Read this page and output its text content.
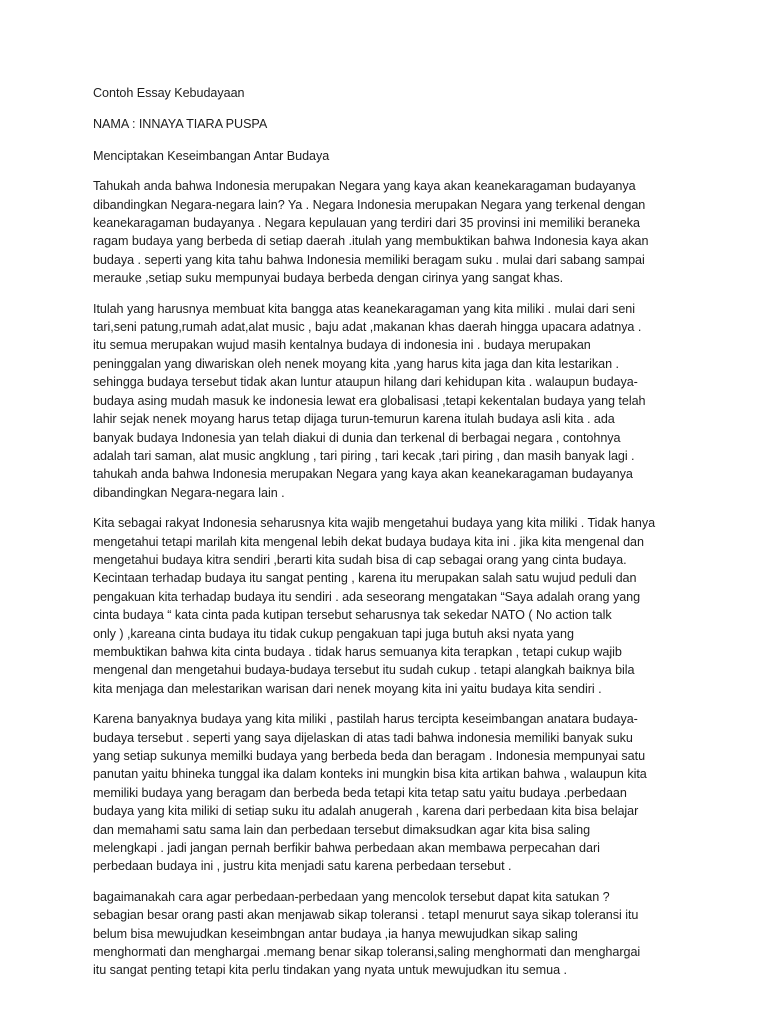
Contoh Essay Kebudayaan
NAMA : INNAYA TIARA PUSPA
Menciptakan Keseimbangan Antar Budaya
Tahukah anda bahwa Indonesia merupakan Negara yang kaya akan keanekaragaman budayanya
dibandingkan Negara-negara lain? Ya . Negara Indonesia merupakan Negara yang terkenal dengan
keanekaragaman budayanya . Negara kepulauan yang terdiri dari 35 provinsi ini memiliki beraneka
ragam budaya yang berbeda di setiap daerah .itulah yang membuktikan bahwa Indonesia kaya akan
budaya . seperti yang kita tahu bahwa Indonesia memiliki beragam suku . mulai dari sabang sampai
merauke ,setiap suku mempunyai budaya berbeda dengan cirinya yang sangat khas.
Itulah yang harusnya membuat kita bangga atas keanekaragaman yang kita miliki . mulai dari seni
tari,seni patung,rumah adat,alat music , baju adat ,makanan khas daerah hingga upacara adatnya .
itu semua merupakan wujud masih kentalnya budaya di indonesia ini . budaya merupakan
peninggalan yang diwariskan oleh nenek moyang kita ,yang harus kita jaga dan kita lestarikan .
sehingga budaya tersebut tidak akan luntur ataupun hilang dari kehidupan kita . walaupun budaya-
budaya asing mudah masuk ke indonesia lewat era globalisasi ,tetapi kekentalan budaya yang telah
lahir sejak nenek moyang harus tetap dijaga turun-temurun karena itulah budaya asli kita . ada
banyak budaya Indonesia yan telah diakui di dunia dan terkenal di berbagai negara , contohnya
adalah tari saman, alat music angklung , tari piring , tari kecak ,tari piring , dan masih banyak lagi .
tahukah anda bahwa Indonesia merupakan Negara yang kaya akan keanekaragaman budayanya
dibandingkan Negara-negara lain .
Kita sebagai rakyat Indonesia seharusnya kita wajib mengetahui budaya yang kita miliki . Tidak hanya
mengetahui tetapi marilah kita mengenal lebih dekat budaya budaya kita ini . jika kita mengenal dan
mengetahui budaya kitra sendiri ,berarti kita sudah bisa di cap sebagai orang yang cinta budaya.
Kecintaan terhadap budaya itu sangat penting , karena itu merupakan salah satu wujud peduli dan
pengakuan kita terhadap budaya itu sendiri . ada seseorang mengatakan “Saya adalah orang yang
cinta budaya “ kata cinta pada kutipan tersebut seharusnya tak sekedar NATO ( No action talk
only ) ,kareana cinta budaya itu tidak cukup pengakuan tapi juga butuh aksi nyata yang
membuktikan bahwa kita cinta budaya . tidak harus semuanya kita terapkan , tetapi cukup wajib
mengenal dan mengetahui budaya-budaya tersebut itu sudah cukup . tetapi alangkah baiknya bila
kita menjaga dan melestarikan warisan dari nenek moyang kita ini yaitu budaya kita sendiri .
Karena banyaknya budaya yang kita miliki , pastilah harus tercipta keseimbangan anatara budaya-
budaya tersebut . seperti yang saya dijelaskan di atas tadi bahwa indonesia memiliki banyak suku
yang setiap sukunya memilki budaya yang berbeda beda dan beragam . Indonesia mempunyai satu
panutan yaitu bhineka tunggal ika dalam konteks ini mungkin bisa kita artikan bahwa , walaupun kita
memiliki budaya yang beragam dan berbeda beda tetapi kita tetap satu yaitu budaya .perbedaan
budaya yang kita miliki di setiap suku itu adalah anugerah , karena dari perbedaan kita bisa belajar
dan memahami satu sama lain dan perbedaan tersebut dimaksudkan agar kita bisa saling
melengkapi . jadi jangan pernah berfikir bahwa perbedaan akan membawa perpecahan dari
perbedaan budaya ini , justru kita menjadi satu karena perbedaan tersebut .
bagaimanakah cara agar perbedaan-perbedaan yang mencolok tersebut dapat kita satukan ?
sebagian besar orang pasti akan menjawab sikap toleransi . tetapI menurut saya sikap toleransi itu
belum bisa mewujudkan keseimbngan antar budaya ,ia hanya mewujudkan sikap saling
menghormati dan menghargai .memang benar sikap toleransi,saling menghormati dan menghargai
itu sangat penting tetapi kita perlu tindakan yang nyata untuk mewujudkan itu semua .
